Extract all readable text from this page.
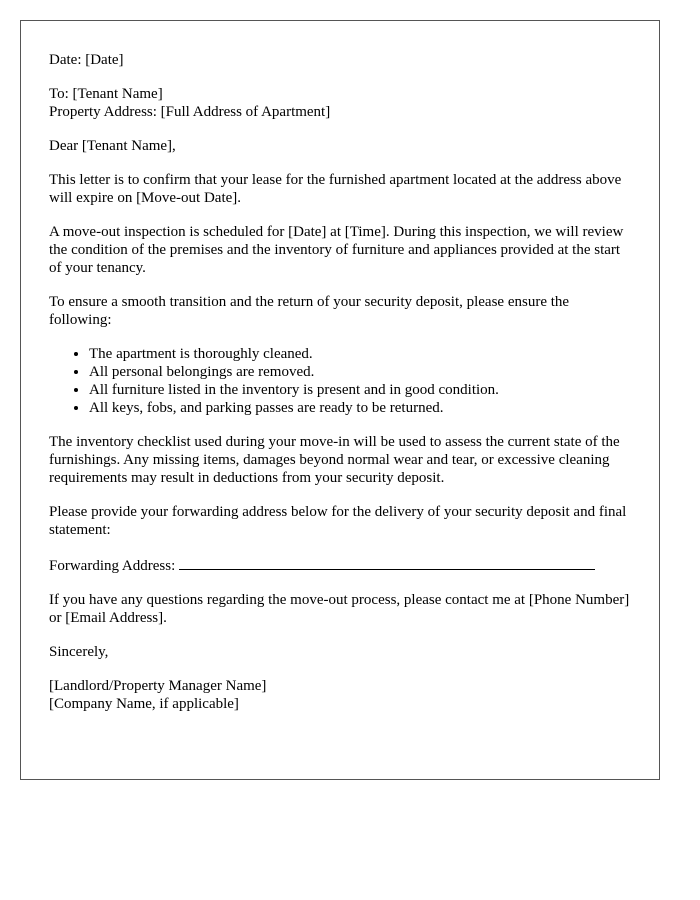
Date: [Date]

To: [Tenant Name]
Property Address: [Full Address of Apartment]

Dear [Tenant Name],

This letter is to confirm that your lease for the furnished apartment located at the address above will expire on [Move-out Date].

A move-out inspection is scheduled for [Date] at [Time]. During this inspection, we will review the condition of the premises and the inventory of furniture and appliances provided at the start of your tenancy.

To ensure a smooth transition and the return of your security deposit, please ensure the following:

• The apartment is thoroughly cleaned.
• All personal belongings are removed.
• All furniture listed in the inventory is present and in good condition.
• All keys, fobs, and parking passes are ready to be returned.

The inventory checklist used during your move-in will be used to assess the current state of the furnishings. Any missing items, damages beyond normal wear and tear, or excessive cleaning requirements may result in deductions from your security deposit.

Please provide your forwarding address below for the delivery of your security deposit and final statement:

Forwarding Address:

If you have any questions regarding the move-out process, please contact me at [Phone Number] or [Email Address].

Sincerely,

[Landlord/Property Manager Name]
[Company Name, if applicable]
